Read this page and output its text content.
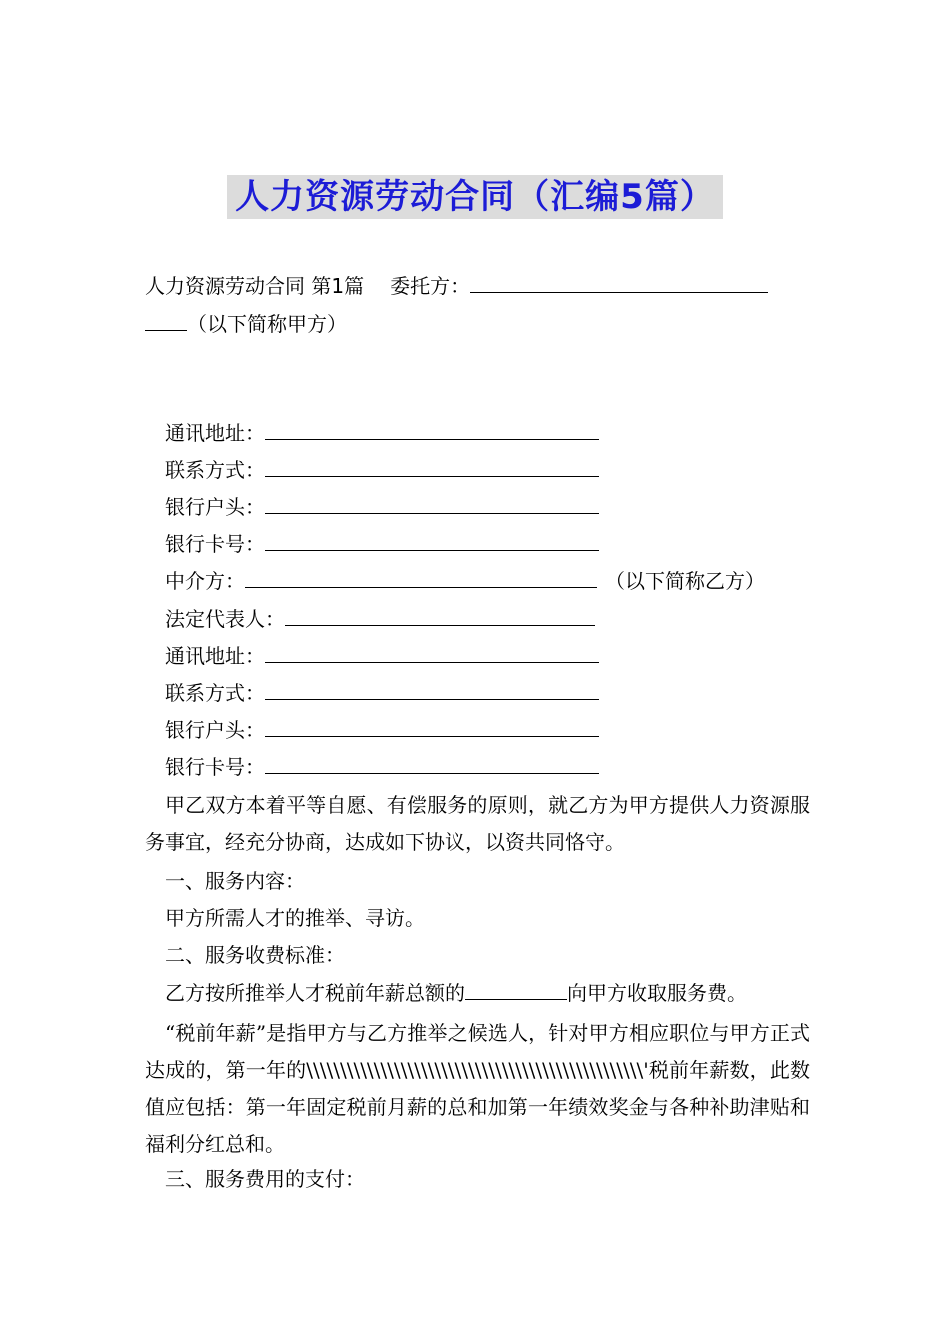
人力资源劳动合同（汇编5篇）
人力资源劳动合同 第1篇 委托方：
（以下简称甲方）
通讯地址：
联系方式：
银行户头：
银行卡号：
中介方：	（以下简称乙方）
法定代表人：
通讯地址：
联系方式：
银行户头：
银行卡号：
甲乙双方本着平等自愿、有偿服务的原则，就乙方为甲方提供人力资源服务事宜，经充分协商，达成如下协议，以资共同恪守。
一、服务内容：
甲方所需人才的推举、寻访。
二、服务收费标准：
乙方按所推举人才税前年薪总额的	向甲方收取服务费。
“税前年薪”是指甲方与乙方推举之候选人，针对甲方相应职位与甲方正式达成的，第一年的\\\\\\\\\\\\\\\\\\\\\\\\\\\\\\\\\\\\\\\\\\\\\\\\\\'税前年薪数，此数值应包括：第一年固定税前月薪的总和加第一年绩效奖金与各种补助津贴和福利分红总和。
三、服务费用的支付：
